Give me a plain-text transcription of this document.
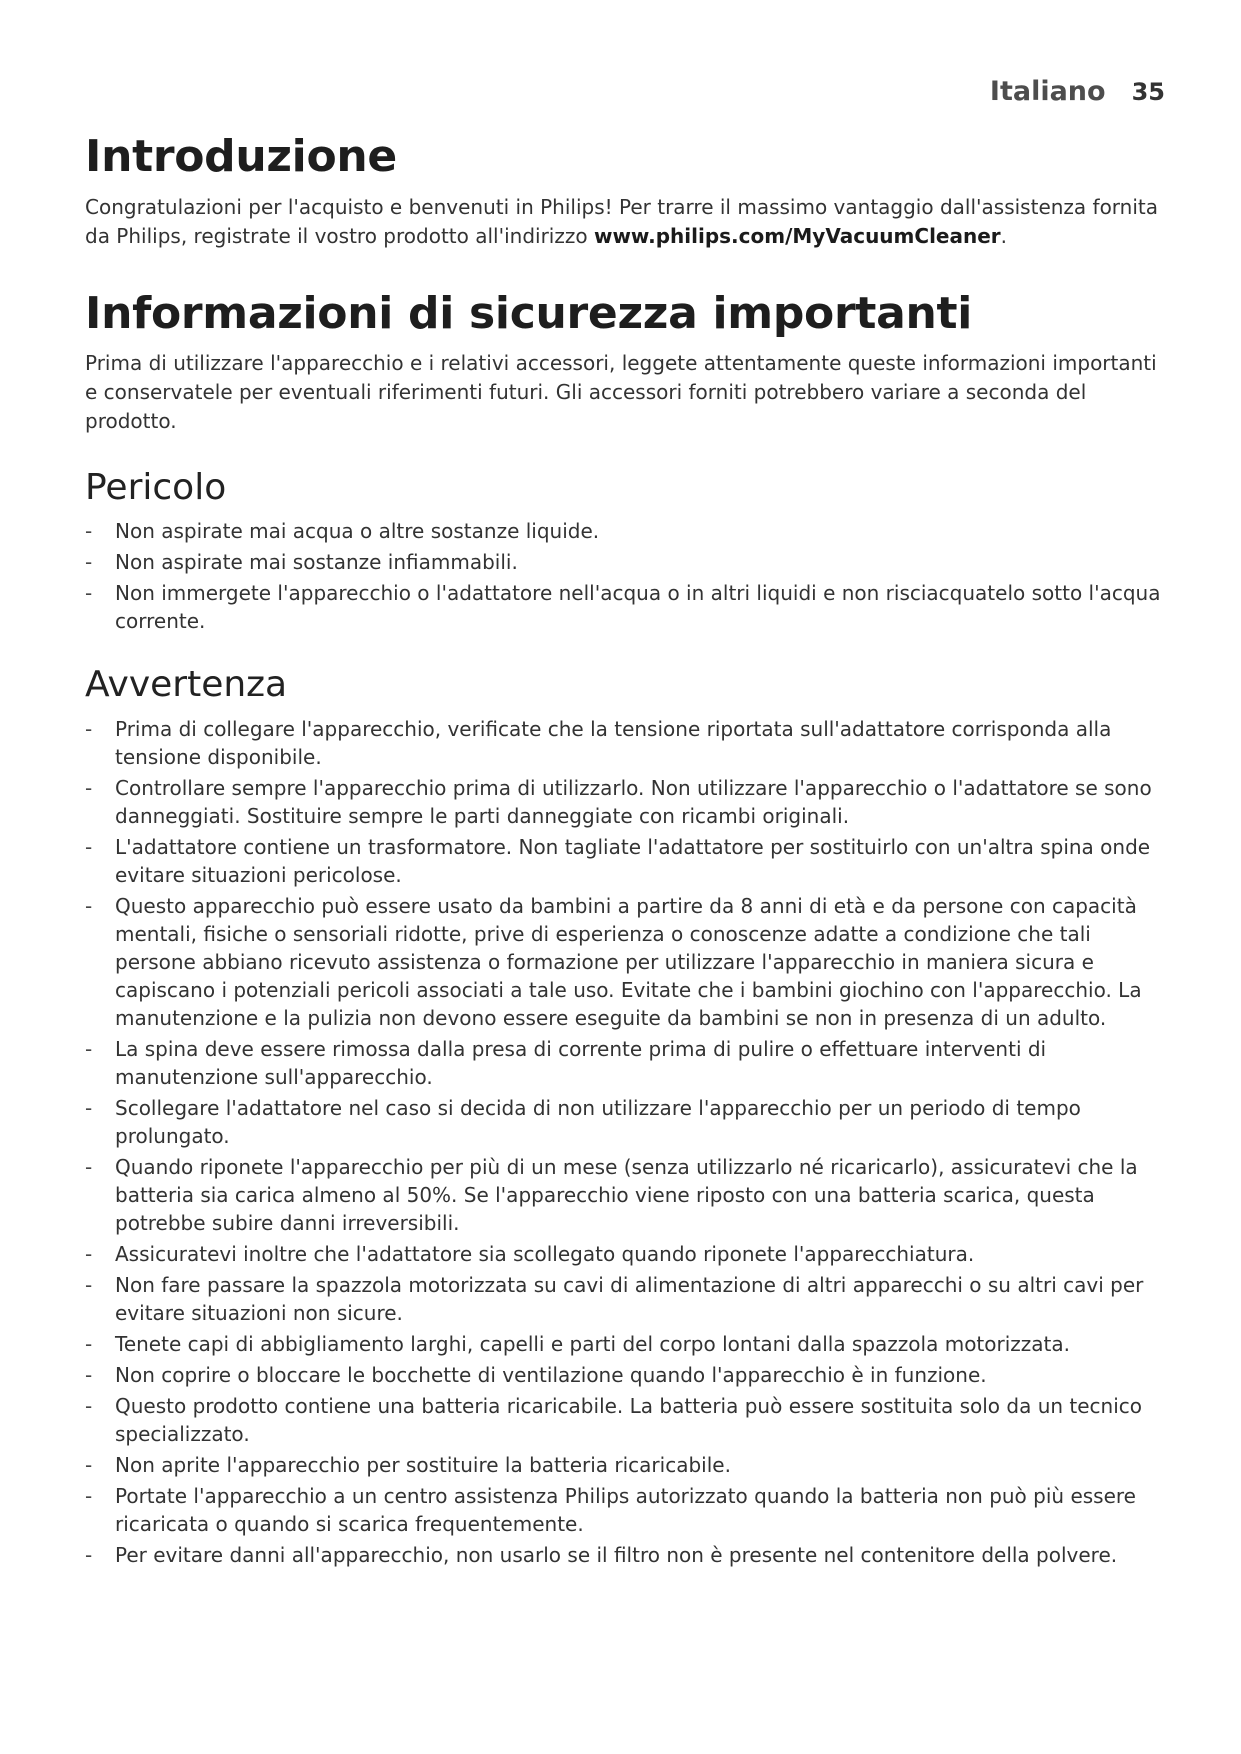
Italiano 35
Introduzione

Congratulazioni per l'acquisto e benvenuti in Philips! Per trarre il massimo vantaggio dall'assistenza fornita da Philips, registrate il vostro prodotto all'indirizzo www.philips.com/MyVacuumCleaner.

Informazioni di sicurezza importanti

Prima di utilizzare l'apparecchio e i relativi accessori, leggete attentamente queste informazioni importanti e conservatele per eventuali riferimenti futuri. Gli accessori forniti potrebbero variare a seconda del prodotto.

Pericolo
- Non aspirate mai acqua o altre sostanze liquide.
- Non aspirate mai sostanze infiammabili.
- Non immergete l'apparecchio o l'adattatore nell'acqua o in altri liquidi e non risciacquatelo sotto l'acqua corrente.
Avvertenza
- Prima di collegare l'apparecchio, verificate che la tensione riportata sull'adattatore corrisponda alla tensione disponibile.
- Controllare sempre l'apparecchio prima di utilizzarlo. Non utilizzare l'apparecchio o l'adattatore se sono danneggiati. Sostituire sempre le parti danneggiate con ricambi originali.
- L'adattatore contiene un trasformatore. Non tagliate l'adattatore per sostituirlo con un'altra spina onde evitare situazioni pericolose.
- Questo apparecchio può essere usato da bambini a partire da 8 anni di età e da persone con capacità mentali, fisiche o sensoriali ridotte, prive di esperienza o conoscenze adatte a condizione che tali persone abbiano ricevuto assistenza o formazione per utilizzare l'apparecchio in maniera sicura e capiscano i potenziali pericoli associati a tale uso. Evitate che i bambini giochino con l'apparecchio. La manutenzione e la pulizia non devono essere eseguite da bambini se non in presenza di un adulto.
- La spina deve essere rimossa dalla presa di corrente prima di pulire o effettuare interventi di manutenzione sull'apparecchio.
- Scollegare l'adattatore nel caso si decida di non utilizzare l'apparecchio per un periodo di tempo prolungato.
- Quando riponete l'apparecchio per più di un mese (senza utilizzarlo né ricaricarlo), assicuratevi che la batteria sia carica almeno al 50%. Se l'apparecchio viene riposto con una batteria scarica, questa potrebbe subire danni irreversibili.
- Assicuratevi inoltre che l'adattatore sia scollegato quando riponete l'apparecchiatura.
- Non fare passare la spazzola motorizzata su cavi di alimentazione di altri apparecchi o su altri cavi per evitare situazioni non sicure.
- Tenete capi di abbigliamento larghi, capelli e parti del corpo lontani dalla spazzola motorizzata.
- Non coprire o bloccare le bocchette di ventilazione quando l'apparecchio è in funzione.
- Questo prodotto contiene una batteria ricaricabile. La batteria può essere sostituita solo da un tecnico specializzato.
- Non aprite l'apparecchio per sostituire la batteria ricaricabile.
- Portate l'apparecchio a un centro assistenza Philips autorizzato quando la batteria non può più essere ricaricata o quando si scarica frequentemente.
- Per evitare danni all'apparecchio, non usarlo se il filtro non è presente nel contenitore della polvere.
